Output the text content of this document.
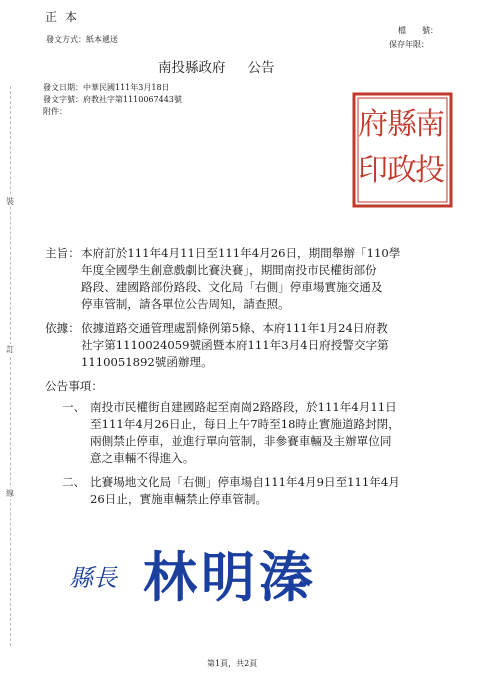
正本
發文方式：紙本遞送
檔　　號：
保存年限：
南投縣政府 公告
發文日期：中華民國111年3月18日
發文字號：府教社字第1110067443號
附件：
裝
訂
線
南
投
縣
政
府
印
主旨： 本府訂於111年4月11日至111年4月26日，期間舉辦「110學
年度全國學生創意戲劇比賽決賽」，期間南投市民權街部份
路段、建國路部份路段、文化局「右側」停車場實施交通及
停車管制，請各單位公告周知，請查照。
依據： 依據道路交通管理處罰條例第5條、本府111年1月24日府教
社字第1110024059號函暨本府111年3月4日府授警交字第
1110051892號函辦理。
公告事項：
一、 南投市民權街自建國路起至南崗2路路段，於111年4月11日
至111年4月26日止，每日上午7時至18時止實施道路封閉，
兩側禁止停車，並進行單向管制，非參賽車輛及主辦單位同
意之車輛不得進入。
二、 比賽場地文化局「右側」停車場自111年4月9日至111年4月
26日止，實施車輛禁止停車管制。
縣長 林明溱
第1頁，共2頁
